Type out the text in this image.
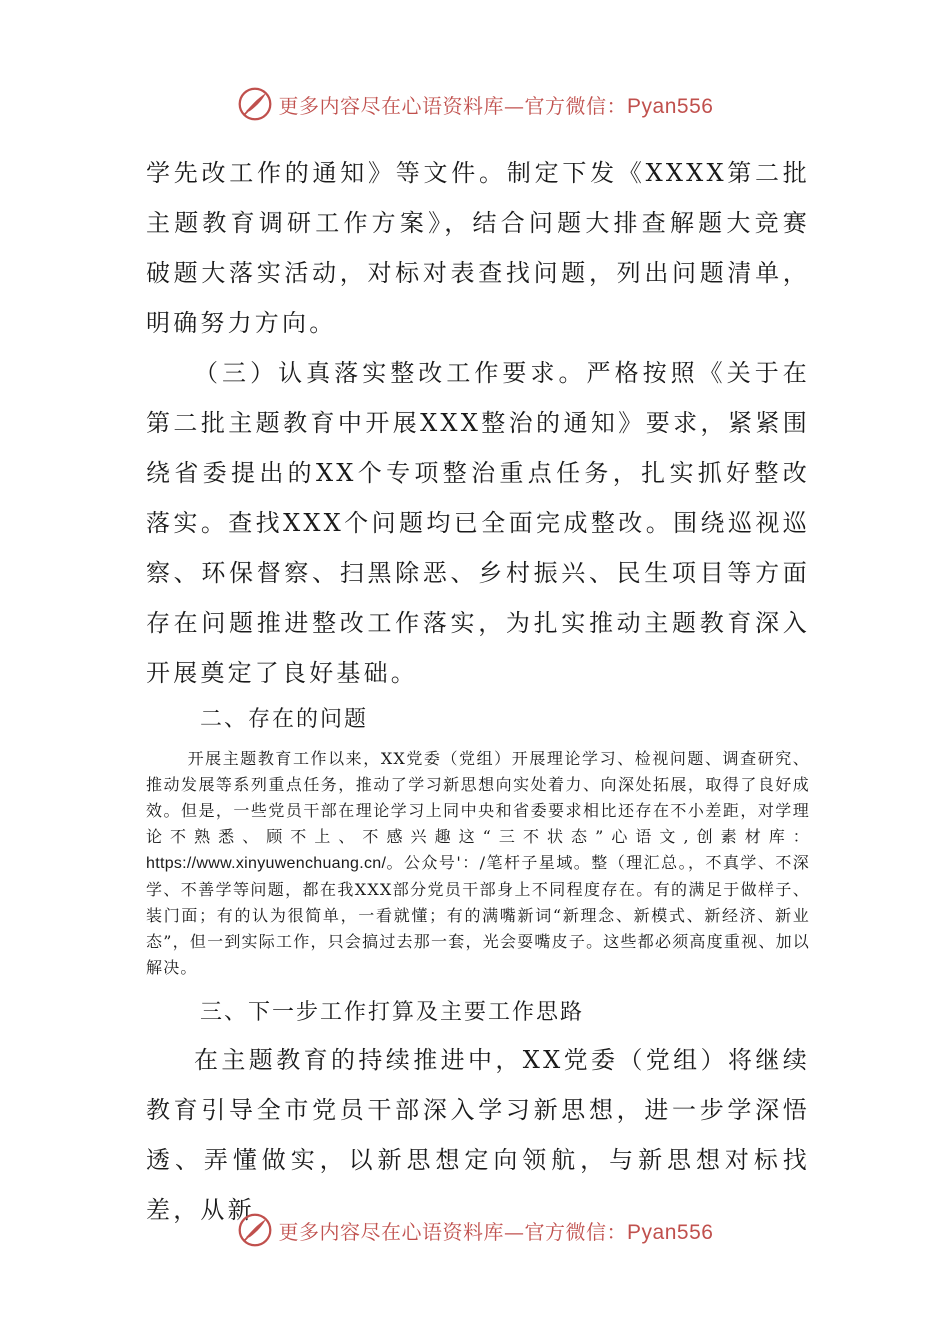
更多内容尽在心语资料库—官方微信：Pyan556

学先改工作的通知》等文件。制定下发《XXXX第二批主题教育调研工作方案》，结合问题大排查解题大竞赛破题大落实活动，对标对表查找问题，列出问题清单，明确努力方向。

（三）认真落实整改工作要求。严格按照《关于在第二批主题教育中开展XXX整治的通知》要求，紧紧围绕省委提出的XX个专项整治重点任务，扎实抓好整改落实。查找XXX个问题均已全面完成整改。围绕巡视巡察、环保督察、扫黑除恶、乡村振兴、民生项目等方面存在问题推进整改工作落实，为扎实推动主题教育深入开展奠定了良好基础。

二、存在的问题

开展主题教育工作以来，XX党委（党组）开展理论学习、检视问题、调查研究、推动发展等系列重点任务，推动了学习新思想向实处着力、向深处拓展，取得了良好成效。但是，一些党员干部在理论学习上同中央和省委要求相比还存在不小差距，对学理论不熟悉、顾不上、不感兴趣这“三不状态”心语文,创素材库：https://www.xinyuwenchuang.cn/。公众号'：/笔杆子星域。整（理汇总。，不真学、不深学、不善学等问题，都在我XXX部分党员干部身上不同程度存在。有的满足于做样子、装门面；有的认为很简单，一看就懂；有的满嘴新词“新理念、新模式、新经济、新业态”，但一到实际工作，只会搞过去那一套，光会耍嘴皮子。这些都必须高度重视、加以解决。

三、下一步工作打算及主要工作思路

在主题教育的持续推进中，XX党委（党组）将继续教育引导全市党员干部深入学习新思想，进一步学深悟透、弄懂做实，以新思想定向领航，与新思想对标找差，从新

更多内容尽在心语资料库—官方微信：Pyan556
